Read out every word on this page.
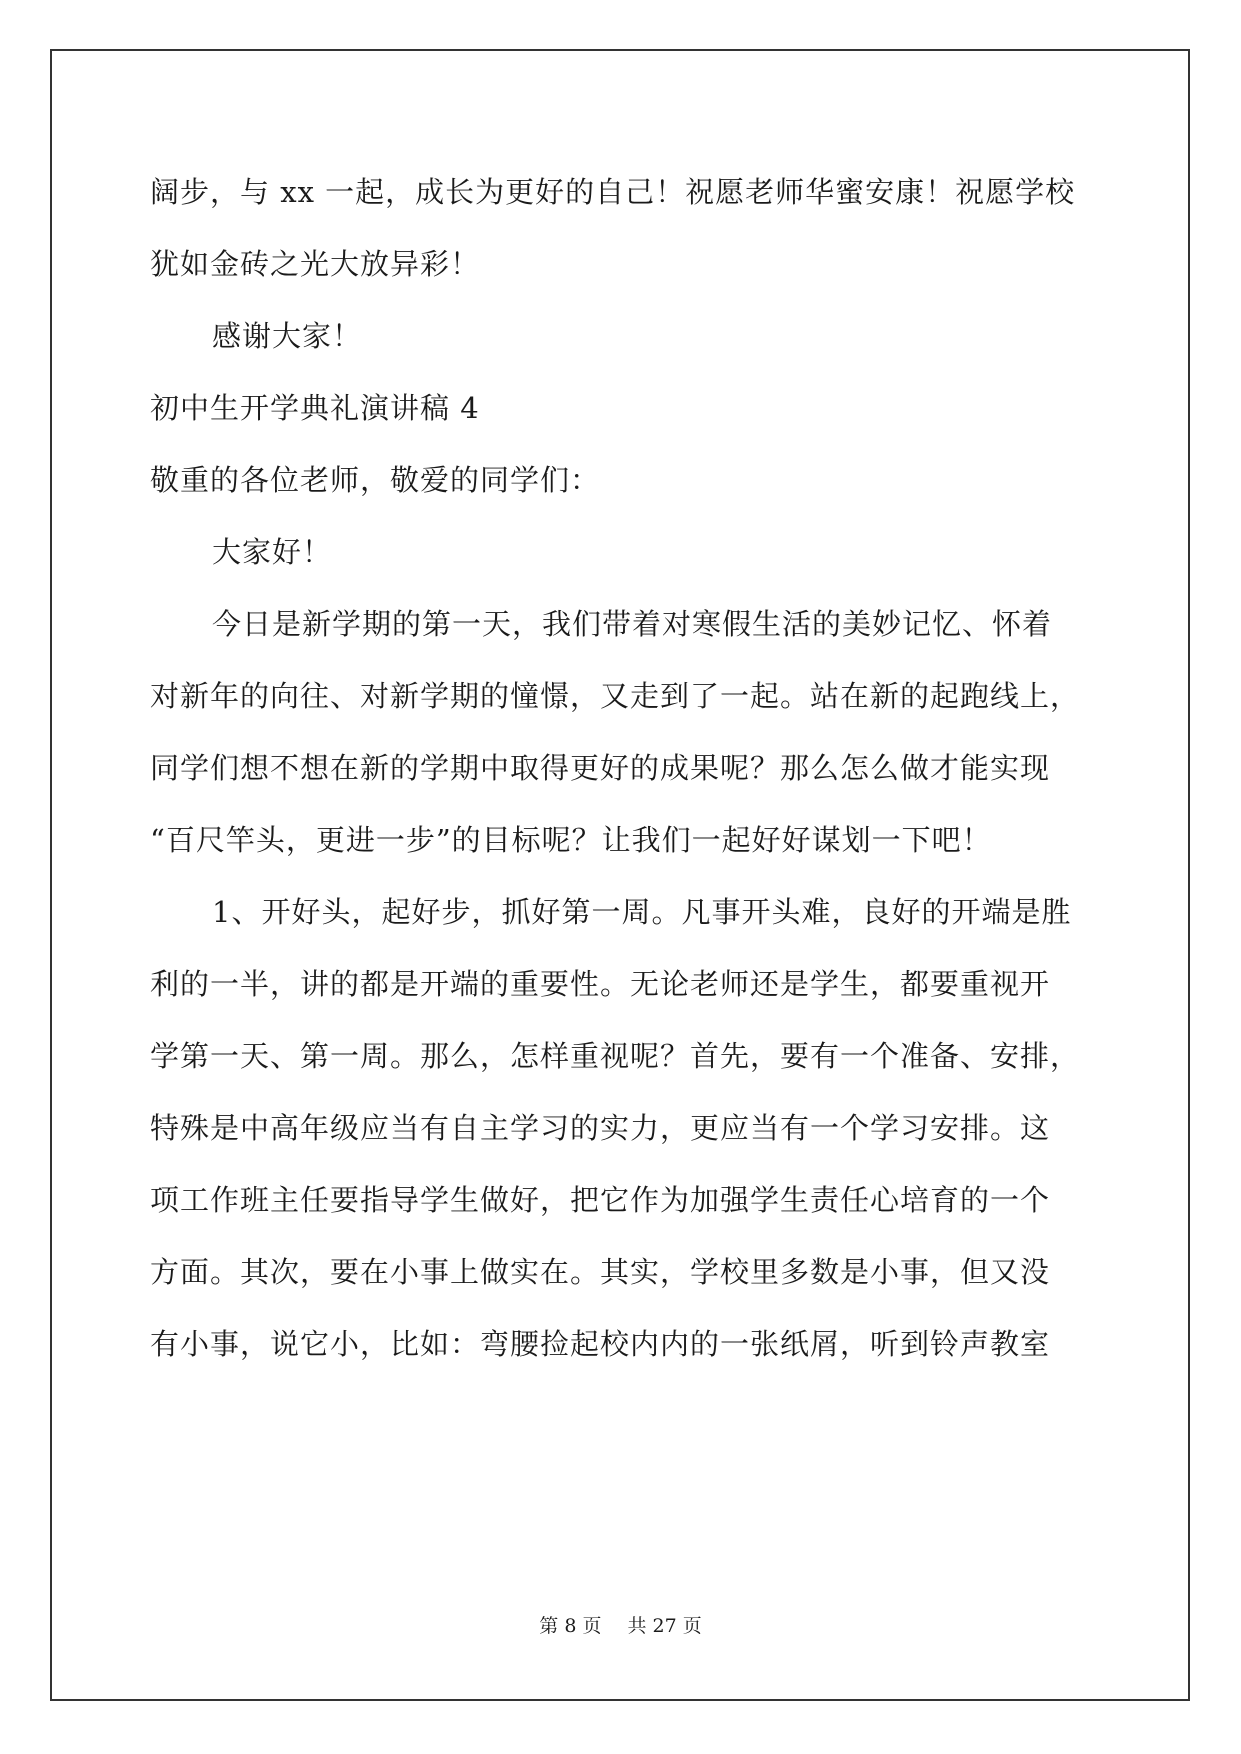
阔步，与 xx 一起，成长为更好的自己！祝愿老师华蜜安康！祝愿学校
犹如金砖之光大放异彩！
感谢大家！
初中生开学典礼演讲稿 4
敬重的各位老师，敬爱的同学们：
大家好！
今日是新学期的第一天，我们带着对寒假生活的美妙记忆、怀着
对新年的向往、对新学期的憧憬，又走到了一起。站在新的起跑线上，
同学们想不想在新的学期中取得更好的成果呢？那么怎么做才能实现
“百尺竿头，更进一步”的目标呢？让我们一起好好谋划一下吧！
1、开好头，起好步，抓好第一周。凡事开头难，良好的开端是胜
利的一半，讲的都是开端的重要性。无论老师还是学生，都要重视开
学第一天、第一周。那么，怎样重视呢？首先，要有一个准备、安排，
特殊是中高年级应当有自主学习的实力，更应当有一个学习安排。这
项工作班主任要指导学生做好，把它作为加强学生责任心培育的一个
方面。其次，要在小事上做实在。其实，学校里多数是小事，但又没
有小事，说它小，比如：弯腰捡起校内内的一张纸屑，听到铃声教室
第 8 页 共 27 页
